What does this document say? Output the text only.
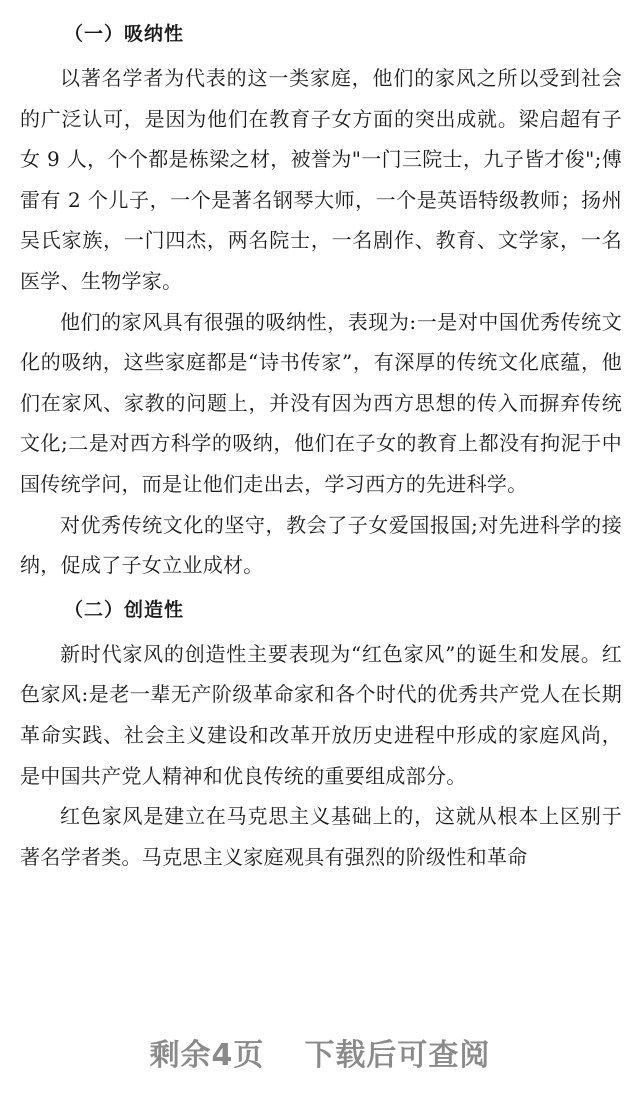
（一）吸纳性

以著名学者为代表的这一类家庭，他们的家风之所以受到社会的广泛认可，是因为他们在教育子女方面的突出成就。梁启超有子女 9 人，个个都是栋梁之材，被誉为"一门三院士，九子皆才俊";傅雷有 2 个儿子，一个是著名钢琴大师，一个是英语特级教师；扬州吴氏家族，一门四杰，两名院士，一名剧作、教育、文学家，一名医学、生物学家。

他们的家风具有很强的吸纳性，表现为:一是对中国优秀传统文化的吸纳，这些家庭都是“诗书传家”，有深厚的传统文化底蕴，他们在家风、家教的问题上，并没有因为西方思想的传入而摒弃传统文化;二是对西方科学的吸纳，他们在子女的教育上都没有拘泥于中国传统学问，而是让他们走出去，学习西方的先进科学。

对优秀传统文化的坚守，教会了子女爱国报国;对先进科学的接纳，促成了子女立业成材。

（二）创造性

新时代家风的创造性主要表现为“红色家风”的诞生和发展。红色家风:是老一辈无产阶级革命家和各个时代的优秀共产党人在长期革命实践、社会主义建设和改革开放历史进程中形成的家庭风尚，是中国共产党人精神和优良传统的重要组成部分。

红色家风是建立在马克思主义基础上的，这就从根本上区别于著名学者类。马克思主义家庭观具有强烈的阶级性和革命

剩余4页 下载后可查阅
